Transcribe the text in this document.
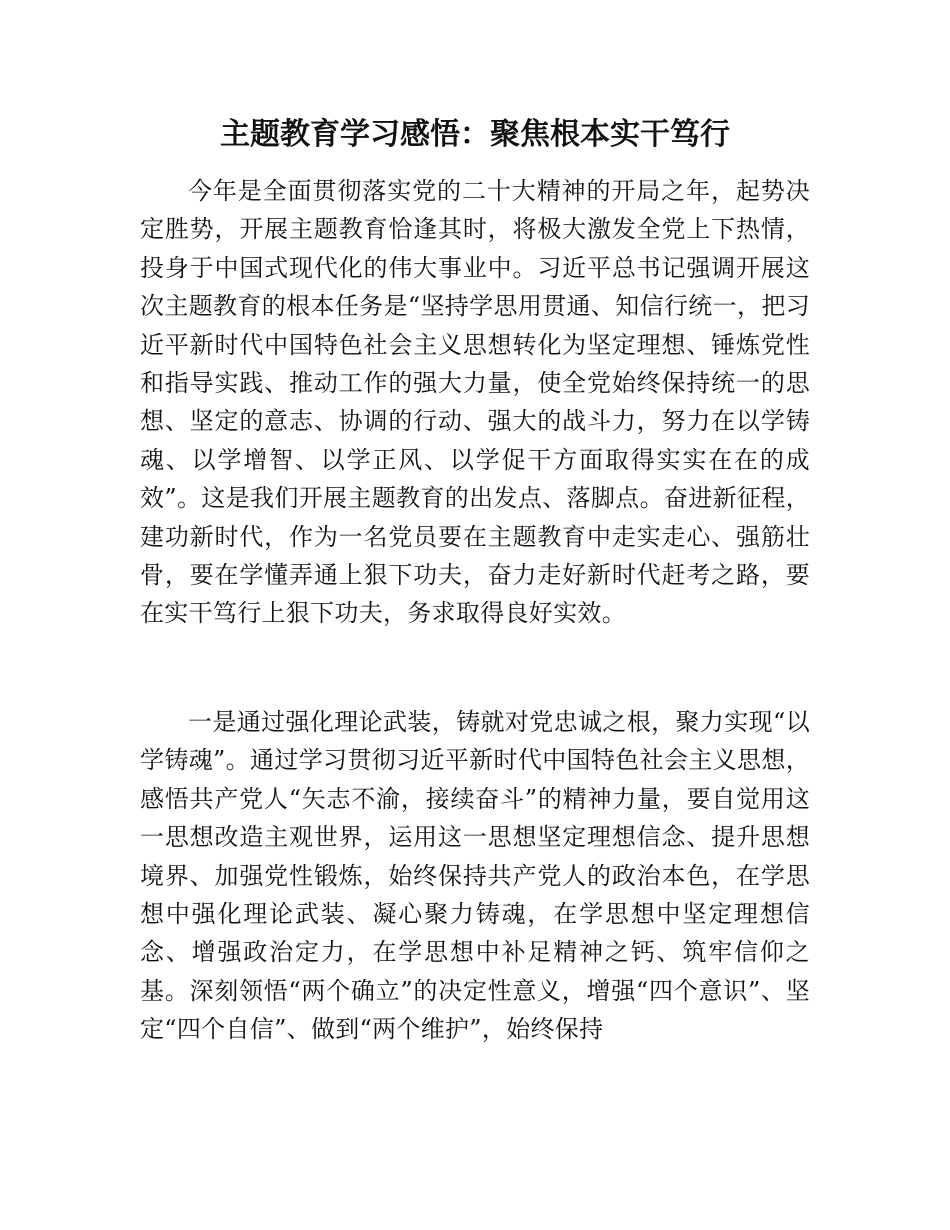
主题教育学习感悟：聚焦根本实干笃行

今年是全面贯彻落实党的二十大精神的开局之年，起势决定胜势，开展主题教育恰逢其时，将极大激发全党上下热情，投身于中国式现代化的伟大事业中。习近平总书记强调开展这次主题教育的根本任务是“坚持学思用贯通、知信行统一，把习近平新时代中国特色社会主义思想转化为坚定理想、锤炼党性和指导实践、推动工作的强大力量，使全党始终保持统一的思想、坚定的意志、协调的行动、强大的战斗力，努力在以学铸魂、以学增智、以学正风、以学促干方面取得实实在在的成效”。这是我们开展主题教育的出发点、落脚点。奋进新征程，建功新时代，作为一名党员要在主题教育中走实走心、强筋壮骨，要在学懂弄通上狠下功夫，奋力走好新时代赶考之路，要在实干笃行上狠下功夫，务求取得良好实效。

一是通过强化理论武装，铸就对党忠诚之根，聚力实现“以学铸魂”。通过学习贯彻习近平新时代中国特色社会主义思想，感悟共产党人“矢志不渝，接续奋斗”的精神力量，要自觉用这一思想改造主观世界，运用这一思想坚定理想信念、提升思想境界、加强党性锻炼，始终保持共产党人的政治本色，在学思想中强化理论武装、凝心聚力铸魂，在学思想中坚定理想信念、增强政治定力，在学思想中补足精神之钙、筑牢信仰之基。深刻领悟“两个确立”的决定性意义，增强“四个意识”、坚定“四个自信”、做到“两个维护”，始终保持
